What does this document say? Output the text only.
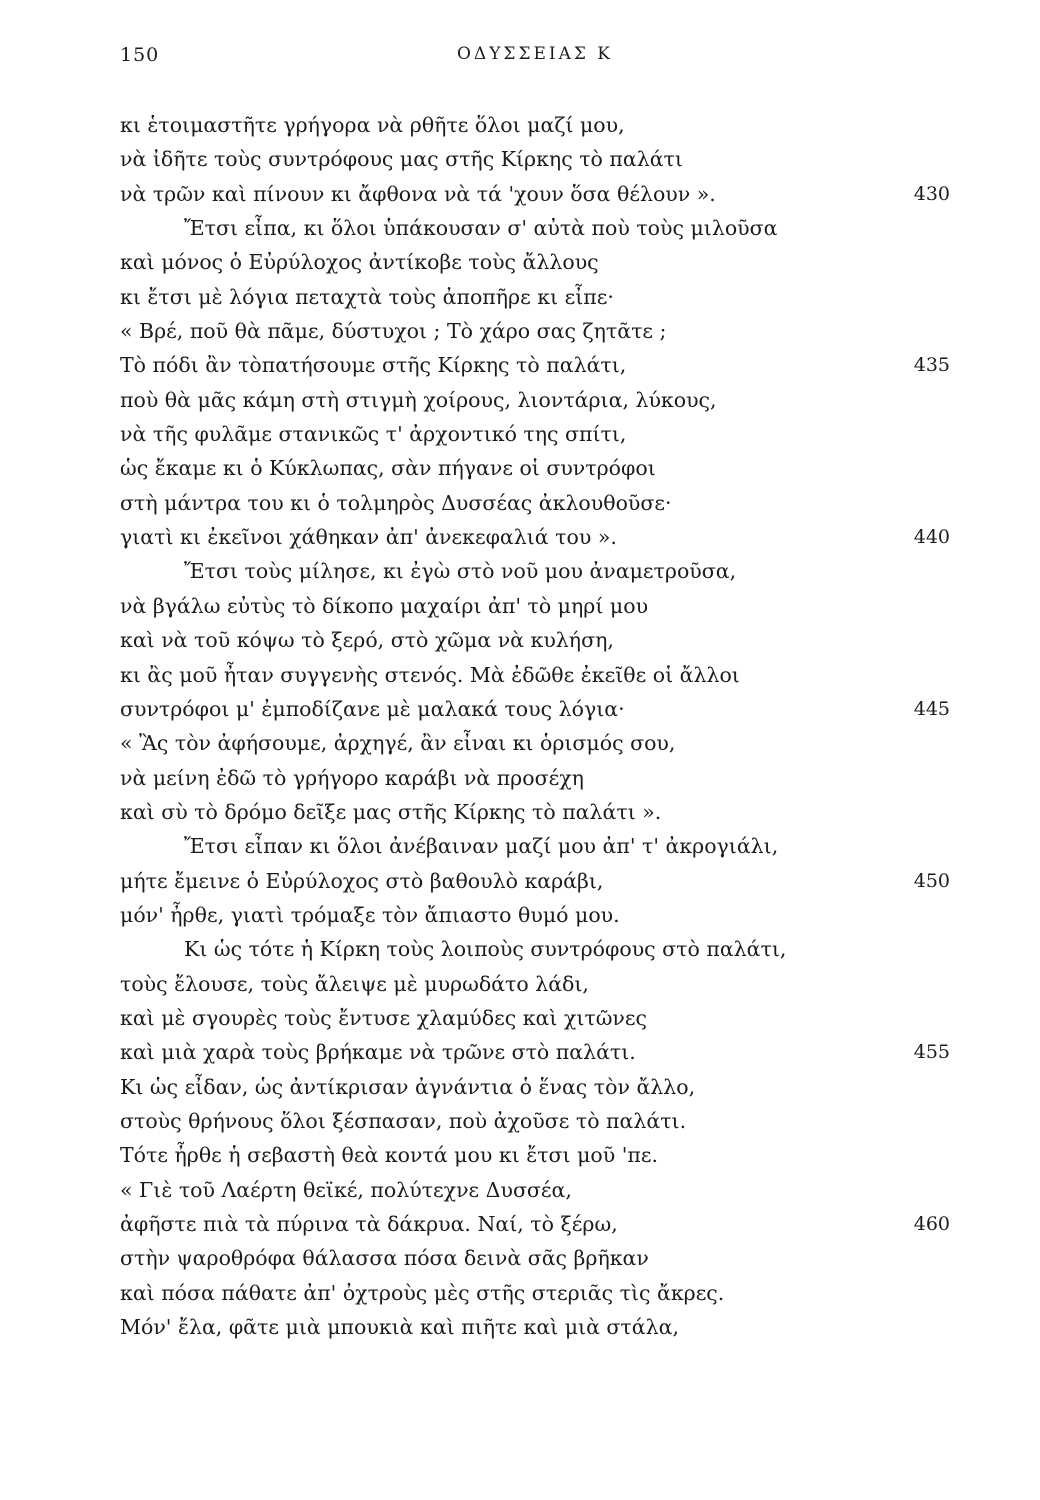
150	ΟΔΥΣΣΕΙΑΣ Κ
κι ἑτοιμαστῆτε γρήγορα νὰ ρθῆτε ὅλοι μαζί μου,
νὰ ἰδῆτε τοὺς συντρόφους μας στῆς Κίρκης τὸ παλάτι
νὰ τρῶν καὶ πίνουν κι ἄφθονα νὰ τά 'χουν ὅσα θέλουν ».	430
Ἔτσι εἶπα, κι ὅλοι ὑπάκουσαν σ' αὐτὰ ποὺ τοὺς μιλοῦσα
καὶ μόνος ὁ Εὐρύλοχος ἀντίκοβε τοὺς ἄλλους
κι ἔτσι μὲ λόγια πεταχτὰ τοὺς ἀποπῆρε κι εἶπε·
« Βρέ, ποῦ θὰ πᾶμε, δύστυχοι ; Τὸ χάρο σας ζητᾶτε ;
Τὸ πόδι ἂν τὸπατήσουμε στῆς Κίρκης τὸ παλάτι,	435
ποὺ θὰ μᾶς κάμη στὴ στιγμὴ χοίρους, λιοντάρια, λύκους,
νὰ τῆς φυλᾶμε στανικῶς τ' ἀρχοντικό της σπίτι,
ὡς ἔκαμε κι ὁ Κύκλωπας, σὰν πήγανε οἱ συντρόφοι
στὴ μάντρα του κι ὁ τολμηρὸς Δυσσέας ἀκλουθοῦσε·
γιατὶ κι ἐκεῖνοι χάθηκαν ἀπ' ἀνεκεφαλιά του ».	440
Ἔτσι τοὺς μίλησε, κι ἐγὼ στὸ νοῦ μου ἀναμετροῦσα,
νὰ βγάλω εὐτὺς τὸ δίκοπο μαχαίρι ἀπ' τὸ μηρί μου
καὶ νὰ τοῦ κόψω τὸ ξερό, στὸ χῶμα νὰ κυλήση,
κι ἂς μοῦ ἦταν συγγενὴς στενός. Μὰ ἐδῶθε ἐκεῖθε οἱ ἄλλοι
συντρόφοι μ' ἐμποδίζανε μὲ μαλακά τους λόγια·	445
« Ἂς τὸν ἀφήσουμε, ἀρχηγέ, ἂν εἶναι κι ὁρισμός σου,
νὰ μείνη ἐδῶ τὸ γρήγορο καράβι νὰ προσέχη
καὶ σὺ τὸ δρόμο δεῖξε μας στῆς Κίρκης τὸ παλάτι ».
Ἔτσι εἶπαν κι ὅλοι ἀνέβαιναν μαζί μου ἀπ' τ' ἀκρογιάλι,
μήτε ἔμεινε ὁ Εὐρύλοχος στὸ βαθουλὸ καράβι,	450
μόν' ἦρθε, γιατὶ τρόμαξε τὸν ἄπιαστο θυμό μου.
Κι ὡς τότε ἡ Κίρκη τοὺς λοιποὺς συντρόφους στὸ παλάτι,
τοὺς ἔλουσε, τοὺς ἄλειψε μὲ μυρωδάτο λάδι,
καὶ μὲ σγουρὲς τοὺς ἔντυσε χλαμύδες καὶ χιτῶνες
καὶ μιὰ χαρὰ τοὺς βρήκαμε νὰ τρῶνε στὸ παλάτι.	455
Κι ὡς εἶδαν, ὡς ἀντίκρισαν ἀγνάντια ὁ ἕνας τὸν ἄλλο,
στοὺς θρήνους ὅλοι ξέσπασαν, ποὺ ἀχοῦσε τὸ παλάτι.
Τότε ἦρθε ἡ σεβαστὴ θεὰ κοντά μου κι ἔτσι μοῦ 'πε.
« Γιὲ τοῦ Λαέρτη θεϊκέ, πολύτεχνε Δυσσέα,
ἀφῆστε πιὰ τὰ πύρινα τὰ δάκρυα. Ναί, τὸ ξέρω,	460
στὴν ψαροθρόφα θάλασσα πόσα δεινὰ σᾶς βρῆκαν
καὶ πόσα πάθατε ἀπ' ὀχτροὺς μὲς στῆς στεριᾶς τὶς ἄκρες.
Μόν' ἔλα, φᾶτε μιὰ μπουκιὰ καὶ πιῆτε καὶ μιὰ στάλα,
